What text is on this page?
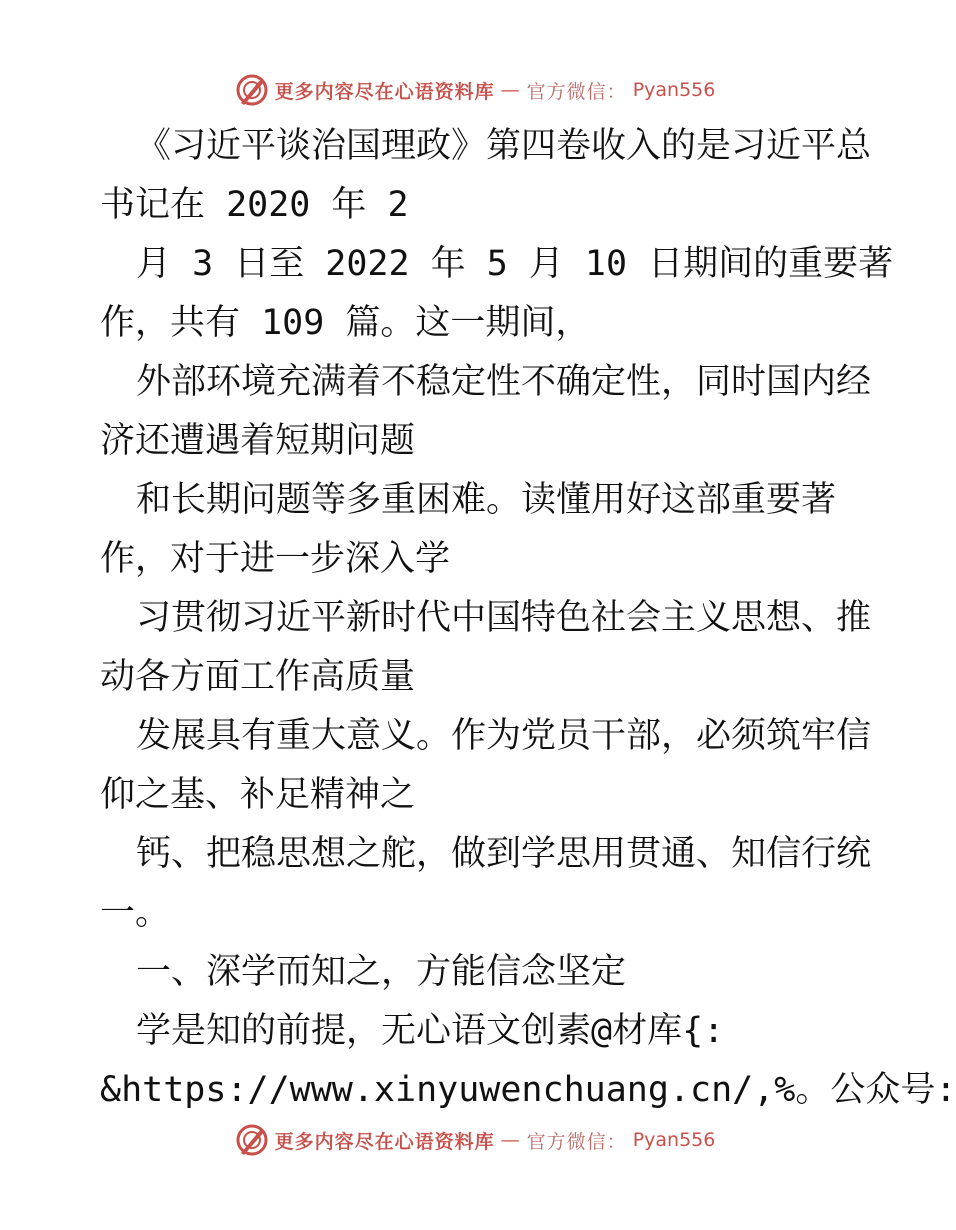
更多内容尽在心语资料库 — 官方微信： Pyan556
《习近平谈治国理政》第四卷收入的是习近平总
书记在 2020 年 2
月 3 日至 2022 年 5 月 10 日期间的重要著
作，共有 109 篇。这一期间，
外部环境充满着不稳定性不确定性，同时国内经
济还遭遇着短期问题
和长期问题等多重困难。读懂用好这部重要著
作，对于进一步深入学
习贯彻习近平新时代中国特色社会主义思想、推
动各方面工作高质量
发展具有重大意义。作为党员干部，必须筑牢信
仰之基、补足精神之
钙、把稳思想之舵，做到学思用贯通、知信行统
一。
一、深学而知之，方能信念坚定
学是知的前提，无心语文创素@材库{:
&https://www.xinyuwenchuang.cn/,%。公众号:
更多内容尽在心语资料库 — 官方微信： Pyan556
